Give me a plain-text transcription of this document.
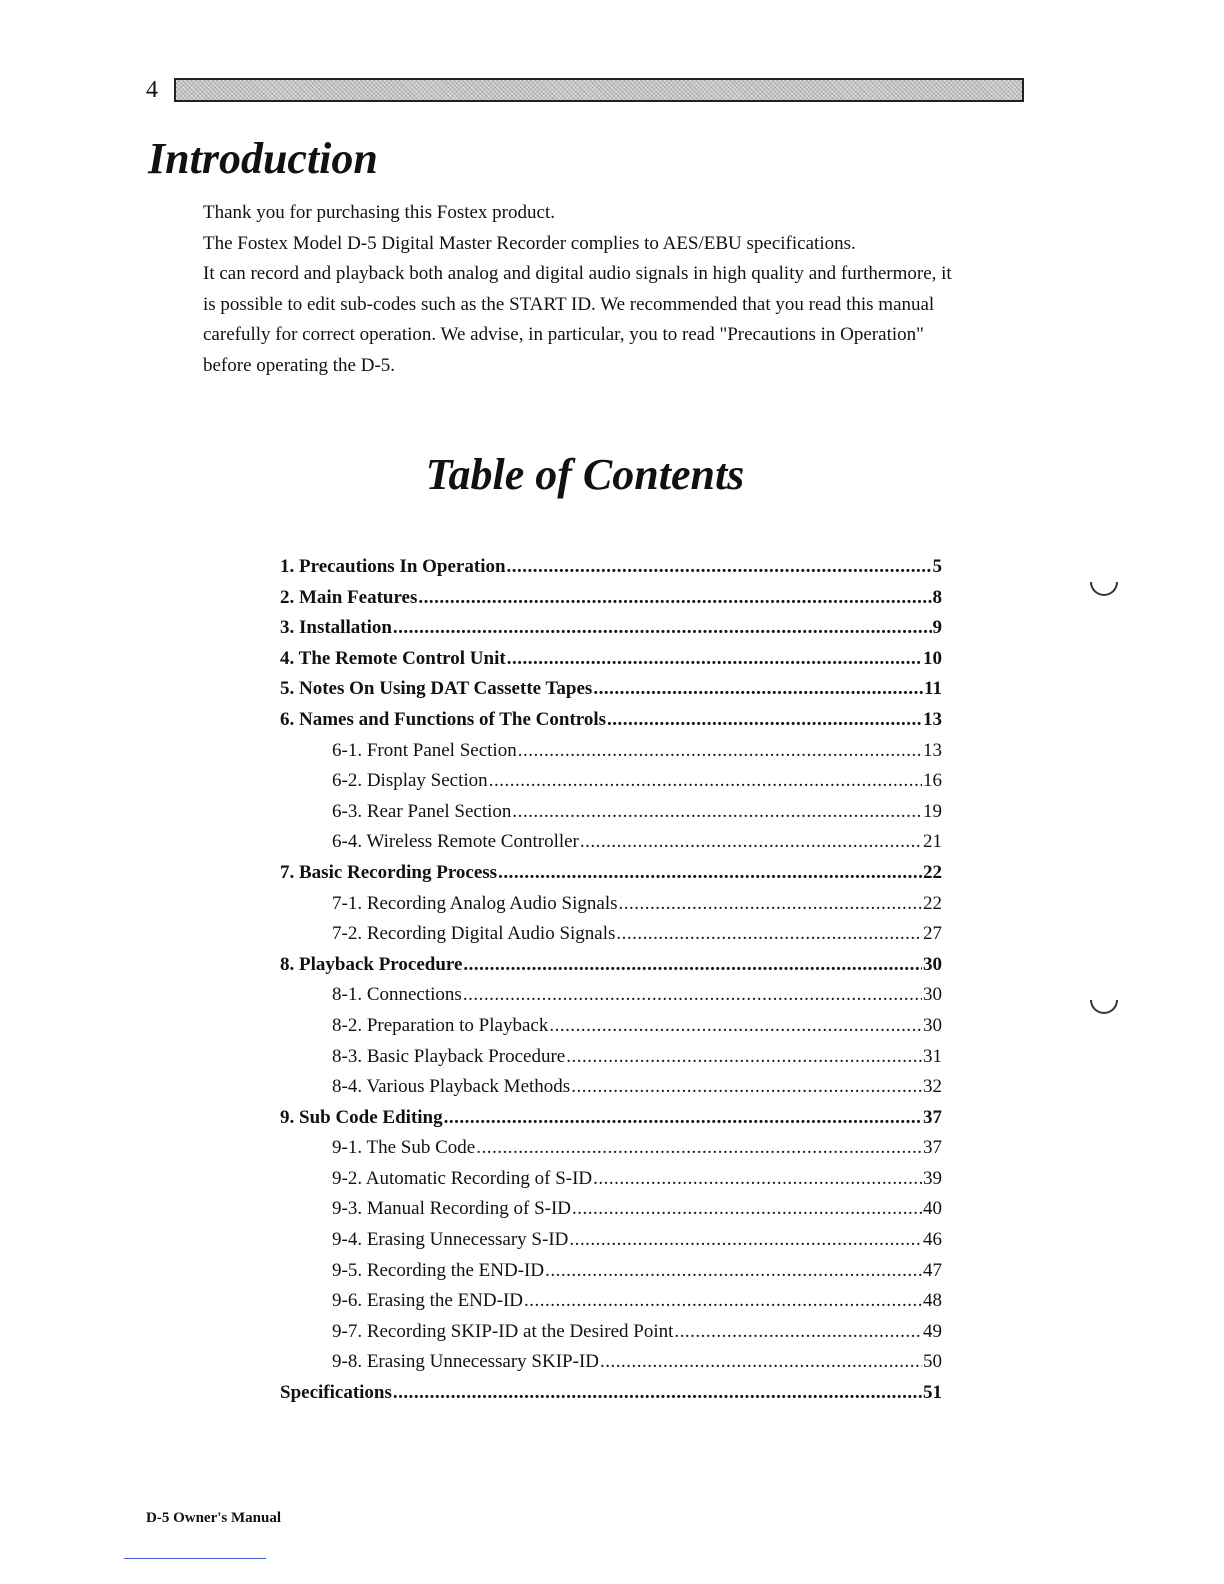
4
Introduction

Thank you for purchasing this Fostex product.

The Fostex Model D-5 Digital Master Recorder complies to AES/EBU specifications.

It can record and playback both analog and digital audio signals in high quality and furthermore, it

is possible to edit sub-codes such as the START ID. We recommended that you read this manual

carefully for correct operation. We advise, in particular, you to read "Precautions in Operation"

before operating the D-5.

Table of Contents
1. Precautions In Operation .....	5
2. Main Features .....	8
3. Installation .....	9
4. The Remote Control Unit .....	10
5. Notes On Using DAT Cassette Tapes .....	11
6. Names and Functions of The Controls .....	13
6-1. Front Panel Section .....	13
6-2. Display Section .....	16
6-3. Rear Panel Section .....	19
6-4. Wireless Remote Controller .....	21
7. Basic Recording Process .....	22
7-1. Recording Analog Audio Signals .....	22
7-2. Recording Digital Audio Signals .....	27
8. Playback Procedure .....	30
8-1. Connections .....	30
8-2. Preparation to Playback .....	30
8-3. Basic Playback Procedure .....	31
8-4. Various Playback Methods .....	32
9. Sub Code Editing .....	37
9-1. The Sub Code .....	37
9-2. Automatic Recording of S-ID .....	39
9-3. Manual Recording of S-ID .....	40
9-4. Erasing Unnecessary S-ID .....	46
9-5. Recording the END-ID .....	47
9-6. Erasing the END-ID .....	48
9-7. Recording SKIP-ID at the Desired Point .....	49
9-8. Erasing Unnecessary SKIP-ID .....	50
Specifications .....	51
D-5 Owner's Manual
